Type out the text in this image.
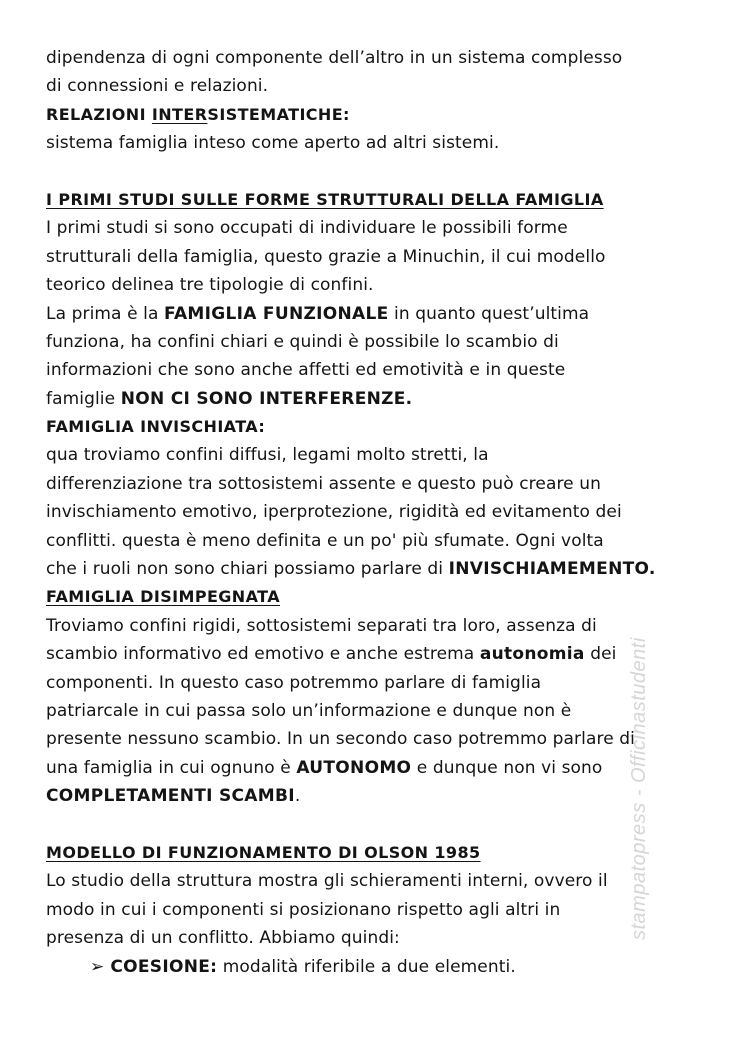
stampatopress - Officinastudenti
dipendenza di ogni componente dell’altro in un sistema complesso
di connessioni e relazioni.
RELAZIONI INTERSISTEMATICHE:
sistema famiglia inteso come aperto ad altri sistemi.
I PRIMI STUDI SULLE FORME STRUTTURALI DELLA FAMIGLIA
I primi studi si sono occupati di individuare le possibili forme
strutturali della famiglia, questo grazie a Minuchin, il cui modello
teorico delinea tre tipologie di confini.
La prima è la FAMIGLIA FUNZIONALE in quanto quest’ultima
funziona, ha confini chiari e quindi è possibile lo scambio di
informazioni che sono anche affetti ed emotività e in queste
famiglie NON CI SONO INTERFERENZE.
FAMIGLIA INVISCHIATA:
qua troviamo confini diffusi, legami molto stretti, la
differenziazione tra sottosistemi assente e questo può creare un
invischiamento emotivo, iperprotezione, rigidità ed evitamento dei
conflitti. questa è meno definita e un po' più sfumate. Ogni volta
che i ruoli non sono chiari possiamo parlare di INVISCHIAMEMENTO.
FAMIGLIA DISIMPEGNATA
Troviamo confini rigidi, sottosistemi separati tra loro, assenza di
scambio informativo ed emotivo e anche estrema autonomia dei
componenti. In questo caso potremmo parlare di famiglia
patriarcale in cui passa solo un’informazione e dunque non è
presente nessuno scambio. In un secondo caso potremmo parlare di
una famiglia in cui ognuno è AUTONOMO e dunque non vi sono
COMPLETAMENTI SCAMBI.
MODELLO DI FUNZIONAMENTO DI OLSON 1985
Lo studio della struttura mostra gli schieramenti interni, ovvero il
modo in cui i componenti si posizionano rispetto agli altri in
presenza di un conflitto. Abbiamo quindi:
➢ COESIONE: modalità riferibile a due elementi.
